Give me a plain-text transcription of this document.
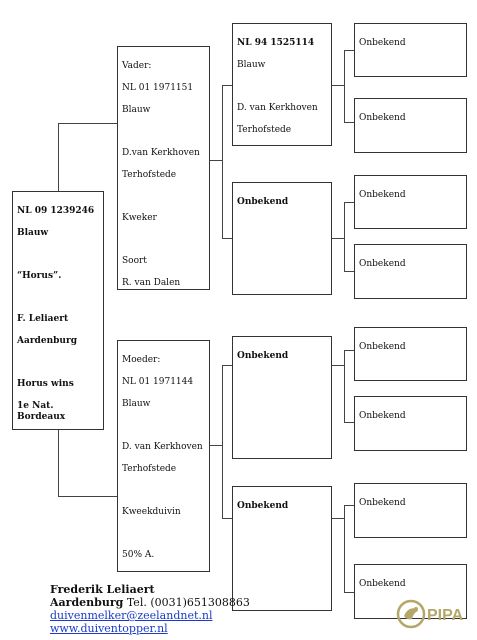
NL 09 1239246

Blauw

“Horus”.

F. Leliaert

Aardenburg

Horus wins

1e Nat. Bordeaux

Vader:

NL 01 1971151

Blauw

D.van Kerkhoven

Terhofstede

Kweker

Soort

R. van Dalen

Moeder:

NL 01 1971144

Blauw

D. van Kerkhoven

Terhofstede

Kweekduivin

50% A.

NL 94 1525114

Blauw

D. van Kerkhoven

Terhofstede

Onbekend

Onbekend

Onbekend

Onbekend

Onbekend

Onbekend

Onbekend

Onbekend

Onbekend

Onbekend

Onbekend

Frederik Leliaert
Aardenburg Tel. (0031)651308863
duivenmelker@zeelandnet.nl
www.duiventopper.nl
PIPA
